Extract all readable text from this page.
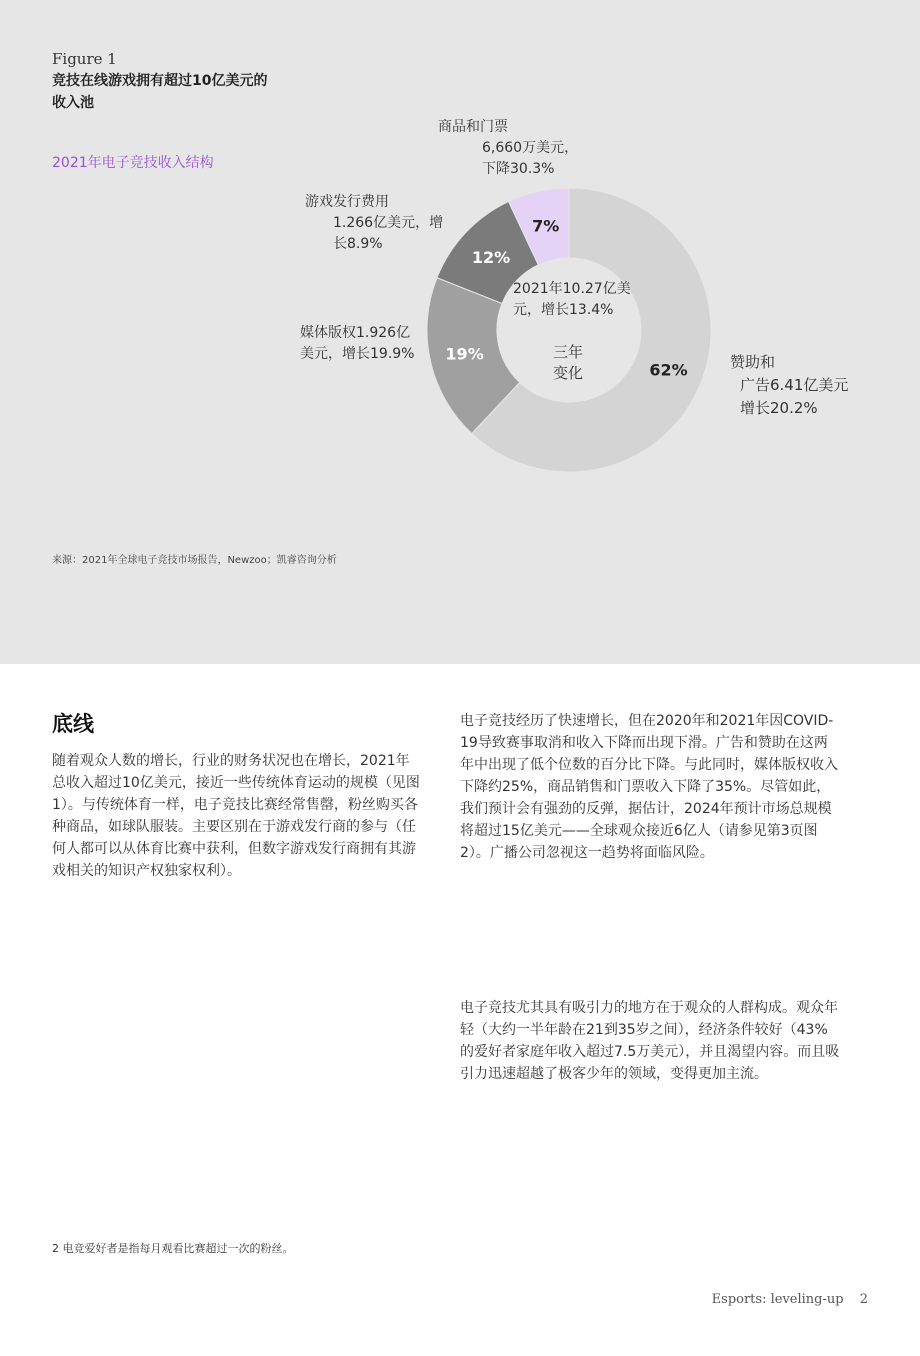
Figure 1
竞技在线游戏拥有超过10亿美元的收入池
2021年电子竞技收入结构
62%
19%
12%
7%
商品和门票
6,660万美元，
下降30.3%
游戏发行费用
1.266亿美元，增
长8.9%
媒体版权1.926亿美元，增长19.9%	赞助和
广告6.41亿美元
增长20.2%
2021年10.27亿美
元，增长13.4%
三年
变化
来源：2021年全球电子竞技市场报告，Newzoo；凯睿咨询分析
底线
随着观众人数的增长，行业的财务状况也在增长，2021年总收入超过10亿美元，接近一些传统体育运动的规模（见图1）。与传统体育一样，电子竞技比赛经常售罄，粉丝购买各种商品，如球队服装。主要区别在于游戏发行商的参与（任何人都可以从体育比赛中获利，但数字游戏发行商拥有其游戏相关的知识产权独家权利）。
电子竞技经历了快速增长，但在2020年和2021年因COVID-19导致赛事取消和收入下降而出现下滑。广告和赞助在这两年中出现了低个位数的百分比下降。与此同时，媒体版权收入下降约25%，商品销售和门票收入下降了35%。尽管如此，我们预计会有强劲的反弹，据估计，2024年预计市场总规模将超过15亿美元——全球观众接近6亿人（请参见第3页图2）。广播公司忽视这一趋势将面临风险。
电子竞技尤其具有吸引力的地方在于观众的人群构成。观众年轻（大约一半年龄在21到35岁之间），经济条件较好（43%的爱好者家庭年收入超过7.5万美元），并且渴望内容。而且吸引力迅速超越了极客少年的领域，变得更加主流。
2 电竞爱好者是指每月观看比赛超过一次的粉丝。
Esports: leveling-up 2
